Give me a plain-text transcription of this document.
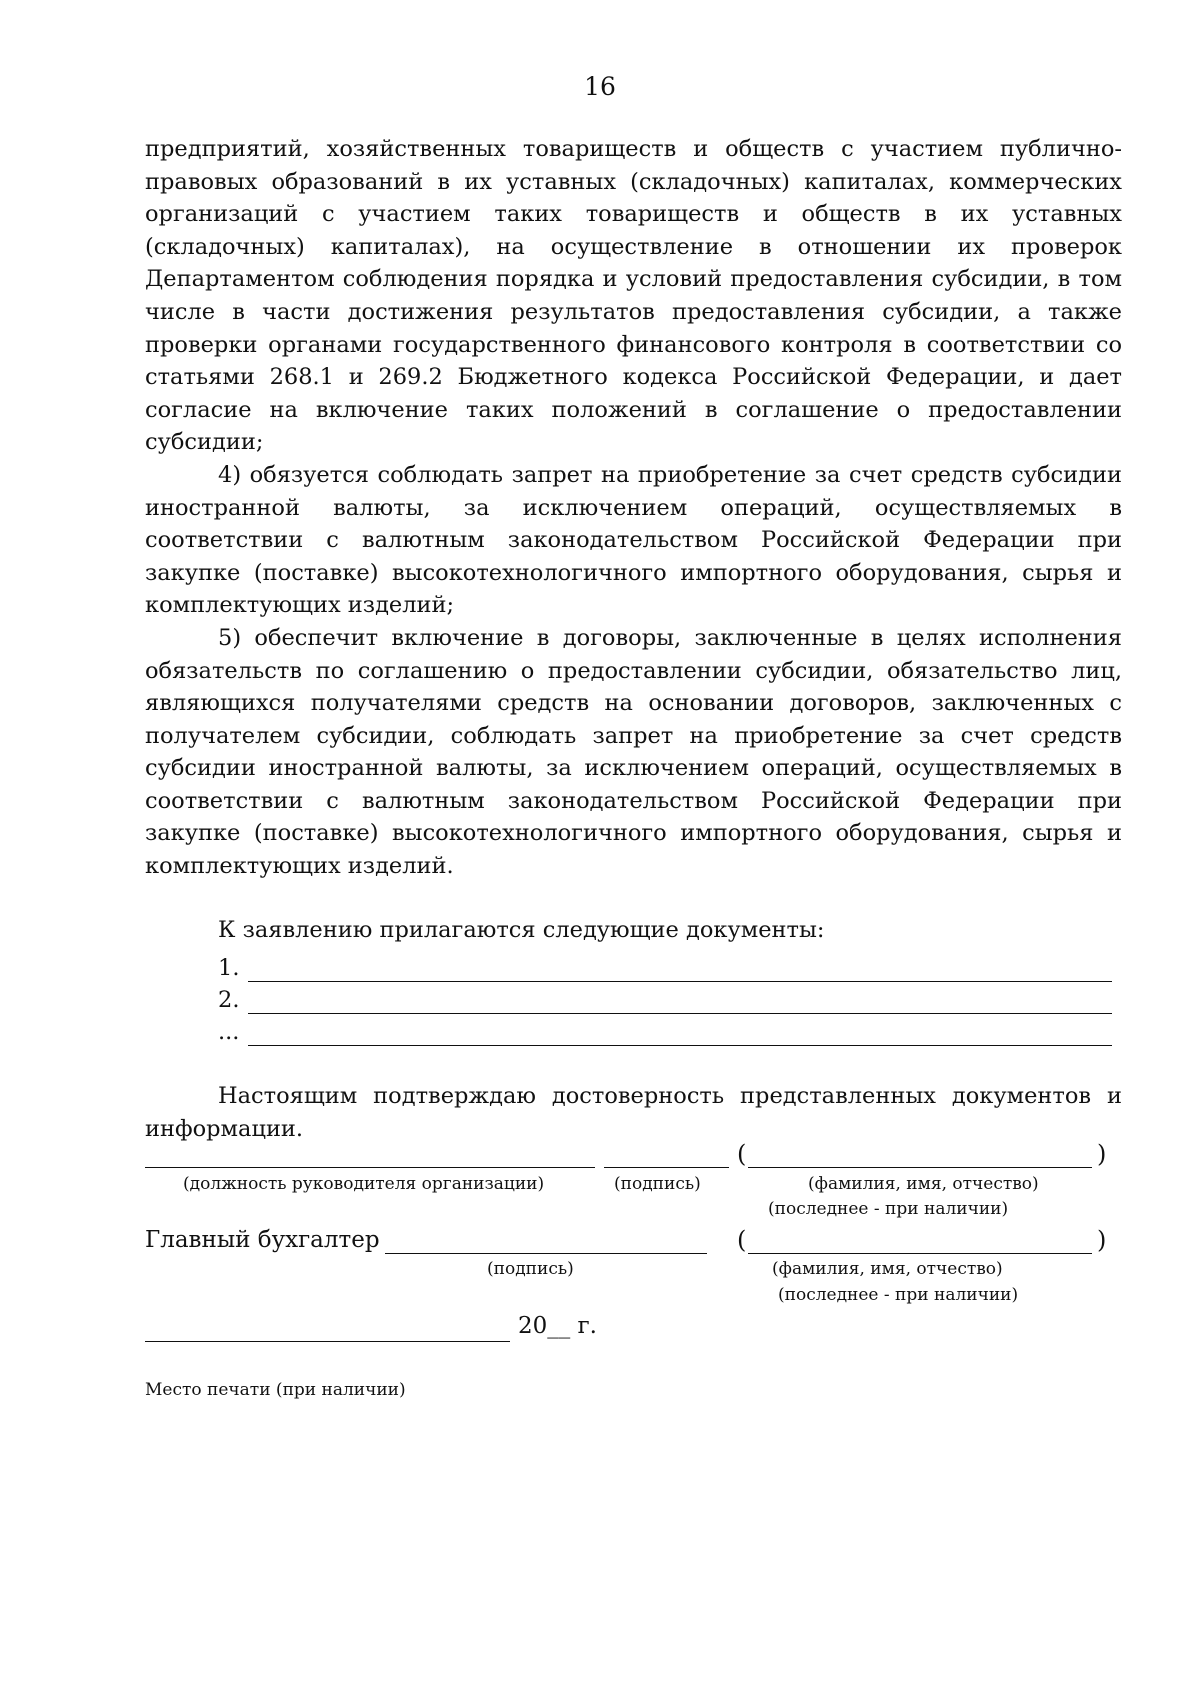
16

предприятий, хозяйственных товариществ и обществ с участием публично-правовых образований в их уставных (складочных) капиталах, коммерческих организаций с участием таких товариществ и обществ в их уставных (складочных) капиталах), на осуществление в отношении их проверок Департаментом соблюдения порядка и условий предоставления субсидии, в том числе в части достижения результатов предоставления субсидии, а также проверки органами государственного финансового контроля в соответствии со статьями 268.1 и 269.2 Бюджетного кодекса Российской Федерации, и дает согласие на включение таких положений в соглашение о предоставлении субсидии;

4) обязуется соблюдать запрет на приобретение за счет средств субсидии иностранной валюты, за исключением операций, осуществляемых в соответствии с валютным законодательством Российской Федерации при закупке (поставке) высокотехнологичного импортного оборудования, сырья и комплектующих изделий;

5) обеспечит включение в договоры, заключенные в целях исполнения обязательств по соглашению о предоставлении субсидии, обязательство лиц, являющихся получателями средств на основании договоров, заключенных с получателем субсидии, соблюдать запрет на приобретение за счет средств субсидии иностранной валюты, за исключением операций, осуществляемых в соответствии с валютным законодательством Российской Федерации при закупке (поставке) высокотехнологичного импортного оборудования, сырья и комплектующих изделий.

К заявлению прилагаются следующие документы:
1.
2.
...

Настоящим подтверждаю достоверность представленных документов и информации.

(	)
(должность руководителя организации)	(подпись)	(фамилия, имя, отчество)
(последнее - при наличии)
Главный бухгалтер	(	)
(подпись)	(фамилия, имя, отчество)
(последнее - при наличии)
20__ г.
Место печати (при наличии)
